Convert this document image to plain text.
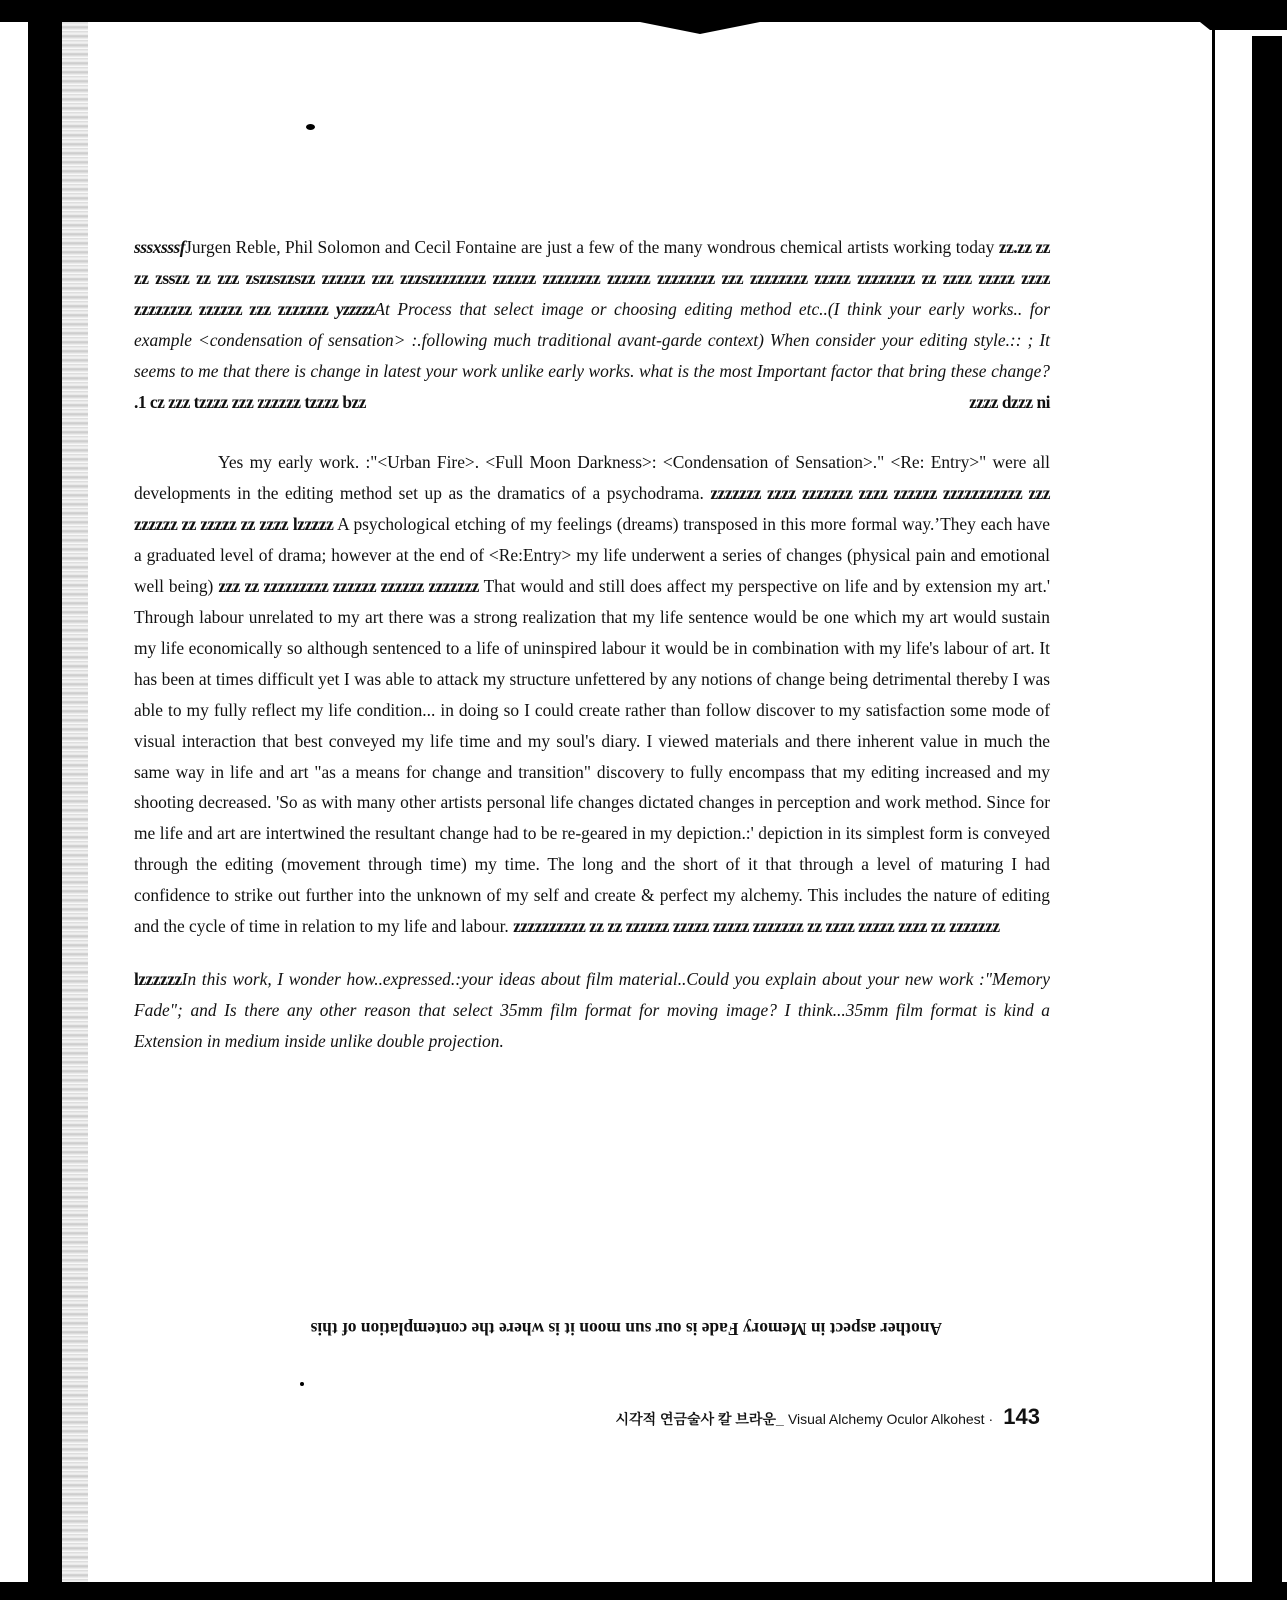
sssxsssfJurgen Reble, Phil Solomon and Cecil Fontaine are just a few of the many wondrous chemical artists working today zz.zz zz zz zsszz zz zzz zszzszzszz zzzzzz zzz zzzszzzzzzzz zzzzzz zzzzzzzz zzzzzz zzzzzzzz zzz zzzzzzzz zzzzz zzzzzzzz zz zzzz zzzzz zzzz zzzzzzzz zzzzzz zzz zzzzzzz yzzzzzAt Process that select image or choosing editing method etc..(I think your early works.. for example <condensation of sensation> :.following much traditional avant-garde context) When consider your editing style.:: ; It seems to me that there is change in latest your work unlike early works. what is the most Important factor that bring these change? .1 cz zzz tzzzz zzz zzzzzz tzzzz bzz	zzzz dzzz ni

Yes my early work. :"<Urban Fire>. <Full Moon Darkness>: <Condensation of Sensation>." <Re: Entry>" were all developments in the editing method set up as the dramatics of a psychodrama. zzzzzzz zzzz zzzzzzz zzzz zzzzzz zzzzzzzzzzz zzz zzzzzz zz zzzzz zz zzzz lzzzzz A psychological etching of my feelings (dreams) transposed in this more formal way.’They each have a graduated level of drama; however at the end of <Re:Entry> my life underwent a series of changes (physical pain and emotional well being) zzz zz zzzzzzzzz zzzzzz zzzzzz zzzzzzz That would and still does affect my perspective on life and by extension my art.' Through labour unrelated to my art there was a strong realization that my life sentence would be one which my art would sustain my life economically so although sentenced to a life of uninspired labour it would be in combination with my life's labour of art. It has been at times difficult yet I was able to attack my structure unfettered by any notions of change being detrimental thereby I was able to my fully reflect my life condition... in doing so I could create rather than follow discover to my satisfaction some mode of visual interaction that best conveyed my life time and my soul's diary. I viewed materials and there inherent value in much the same way in life and art "as a means for change and transition" discovery to fully encompass that my editing increased and my shooting decreased. 'So as with many other artists personal life changes dictated changes in perception and work method. Since for me life and art are intertwined the resultant change had to be re-geared in my depiction.:' depiction in its simplest form is conveyed through the editing (movement through time) my time. The long and the short of it that through a level of maturing I had confidence to strike out further into the unknown of my self and create & perfect my alchemy. This includes the nature of editing and the cycle of time in relation to my life and labour. zzzzzzzzzz zz zz zzzzzz zzzzz zzzzz zzzzzzz zz zzzz zzzzz zzzz zz zzzzzzz

lzzzzzzIn this work, I wonder how..expressed.:your ideas about film material..Could you explain about your new work :"Memory Fade"; and Is there any other reason that select 35mm film format for moving image? I think...35mm film format is kind a Extension in medium inside unlike double projection.

Another aspect in Memory Fade is our sun moon it is where the contemplation of this
시각적 연금술사 칼 브라운_ Visual Alchemy Oculor Alkohest · 143
